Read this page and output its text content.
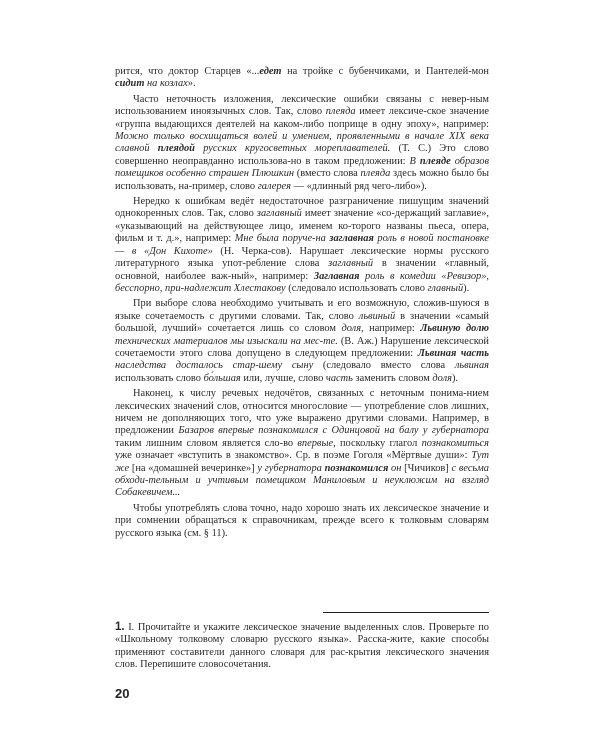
рится, что доктор Старцев «...едет на тройке с бубенчиками, и Пантелей-мон сидит на козлах».

Часто неточность изложения, лексические ошибки связаны с невер-ным использованием иноязычных слов. Так, слово плеяда имеет лексиче-ское значение «группа выдающихся деятелей на каком-либо поприще в одну эпоху», например: Можно только восхищаться волей и умением, проявленными в начале XIX века славной плеядой русских кругосветных мореплавателей. (Т. С.) Это слово совершенно неоправданно использова-но в таком предложении: В плеяде образов помещиков особенно страшен Плюшкин (вместо слова плеяда здесь можно было бы использовать, на-пример, слово галерея — «длинный ряд чего-либо»).

Нередко к ошибкам ведёт недостаточное разграничение пишущим значений однокоренных слов. Так, слово заглавный имеет значение «со-держащий заглавие», «указывающий на действующее лицо, именем ко-торого названы пьеса, опера, фильм и т. д.», например: Мне была поруче-на заглавная роль в новой постановке — в «Дон Кихоте» (Н. Черка-сов). Нарушает лексические нормы русского литературного языка упот-ребление слова заглавный в значении «главный, основной, наиболее важ-ный», например: Заглавная роль в комедии «Ревизор», бесспорно, при-надлежит Хлестакову (следовало использовать слово главный).

При выборе слова необходимо учитывать и его возможную, сложив-шуюся в языке сочетаемость с другими словами. Так, слово львиный в значении «самый большой, лучший» сочетается лишь со словом доля, например: Львиную долю технических материалов мы изыскали на мес-те. (В. Аж.) Нарушение лексической сочетаемости этого слова допущено в следующем предложении: Львиная часть наследства досталось стар-шему сыну (следовало вместо слова львиная использовать слово бо́льшая или, лучше, слово часть заменить словом доля).

Наконец, к числу речевых недочётов, связанных с неточным понима-нием лексических значений слов, относится многословие — употребление слов лишних, ничем не дополняющих того, что уже выражено другими словами. Например, в предложении Базаров впервые познакомился с Одинцовой на балу у губернатора таким лишним словом является сло-во впервые, поскольку глагол познакомиться уже означает «вступить в знакомство». Ср. в поэме Гоголя «Мёртвые души»: Тут же [на «домашней вечеринке»] у губернатора познакомился он [Чичиков] с весьма обходи-тельным и учтивым помещиком Маниловым и неуклюжим на взгляд Собакевичем...

Чтобы употреблять слова точно, надо хорошо знать их лексическое значение и при сомнении обращаться к справочникам, прежде всего к толковым словарям русского языка (см. § 11).

1. I. Прочитайте и укажите лексическое значение выделенных слов. Проверьте по «Школьному толковому словарю русского языка». Расска-жите, какие способы применяют составители данного словаря для рас-крытия лексического значения слов. Перепишите словосочетания.
20
